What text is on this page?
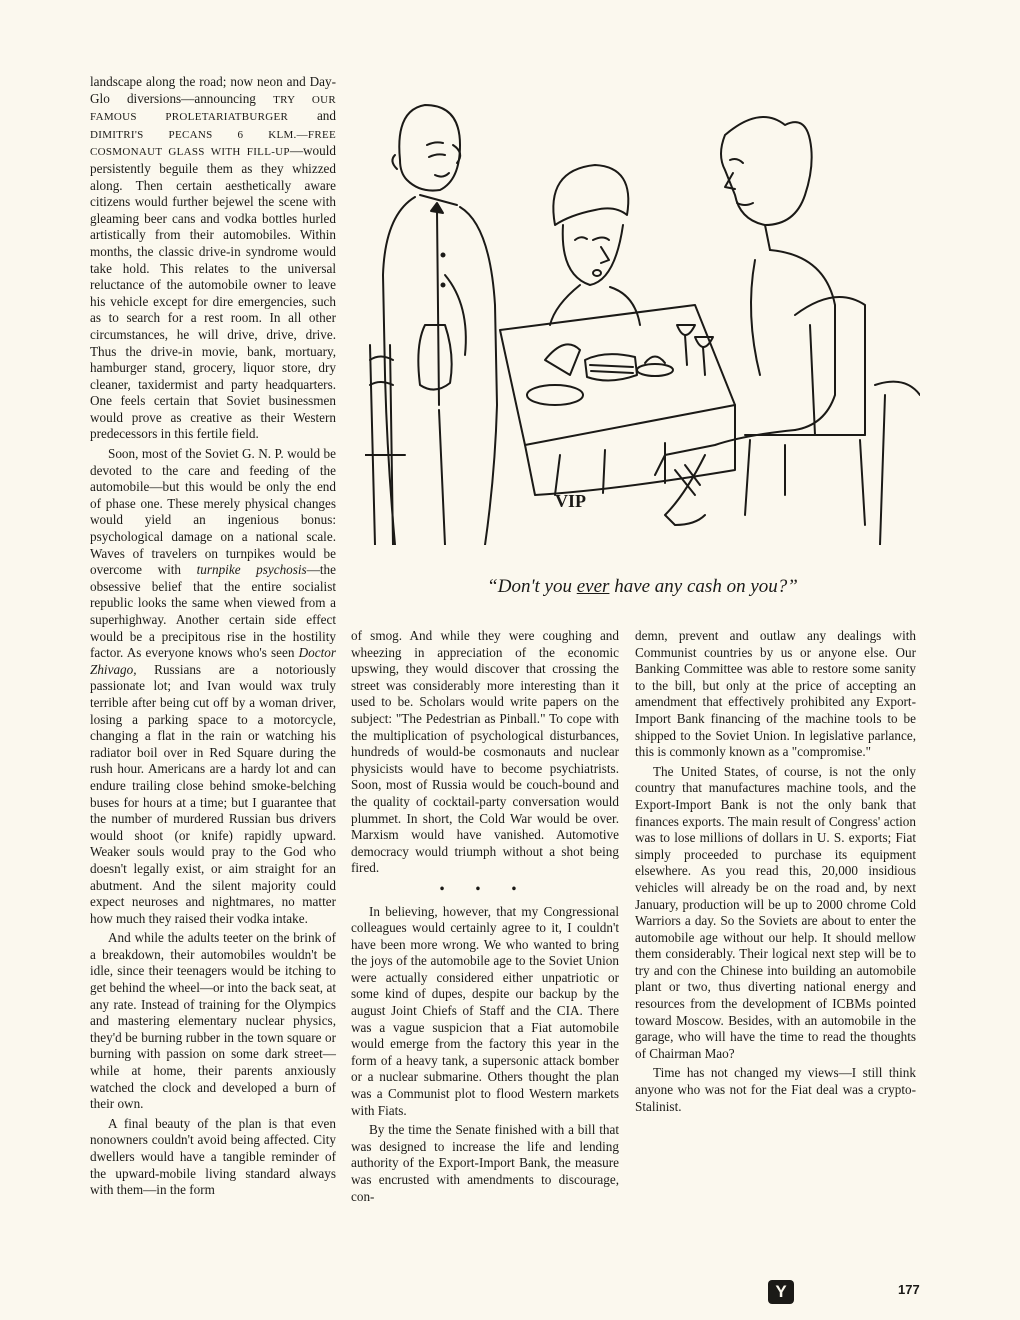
landscape along the road; now neon and Day-Glo diversions—announcing TRY OUR FAMOUS PROLETARIATBURGER and DIMITRI'S PECANS 6 KLM.—FREE COSMONAUT GLASS WITH FILL-UP—would persistently beguile them as they whizzed along. Then certain aesthetically aware citizens would further bejewel the scene with gleaming beer cans and vodka bottles hurled artistically from their automobiles. Within months, the classic drive-in syndrome would take hold. This relates to the universal reluctance of the automobile owner to leave his vehicle except for dire emergencies, such as to search for a rest room. In all other circumstances, he will drive, drive, drive. Thus the drive-in movie, bank, mortuary, hamburger stand, grocery, liquor store, dry cleaner, taxidermist and party headquarters. One feels certain that Soviet businessmen would prove as creative as their Western predecessors in this fertile field.

Soon, most of the Soviet G. N. P. would be devoted to the care and feeding of the automobile—but this would be only the end of phase one. These merely physical changes would yield an ingenious bonus: psychological damage on a national scale. Waves of travelers on turnpikes would be overcome with turnpike psychosis—the obsessive belief that the entire socialist republic looks the same when viewed from a superhighway. Another certain side effect would be a precipitous rise in the hostility factor. As everyone knows who's seen Doctor Zhivago, Russians are a notoriously passionate lot; and Ivan would wax truly terrible after being cut off by a woman driver, losing a parking space to a motorcycle, changing a flat in the rain or watching his radiator boil over in Red Square during the rush hour. Americans are a hardy lot and can endure trailing close behind smoke-belching buses for hours at a time; but I guarantee that the number of murdered Russian bus drivers would shoot (or knife) rapidly upward. Weaker souls would pray to the God who doesn't legally exist, or aim straight for an abutment. And the silent majority could expect neuroses and nightmares, no matter how much they raised their vodka intake.

And while the adults teeter on the brink of a breakdown, their automobiles wouldn't be idle, since their teenagers would be itching to get behind the wheel—or into the back seat, at any rate. Instead of training for the Olympics and mastering elementary nuclear physics, they'd be burning rubber in the town square or burning with passion on some dark street—while at home, their parents anxiously watched the clock and developed a burn of their own.

A final beauty of the plan is that even nonowners couldn't avoid being affected. City dwellers would have a tangible reminder of the upward-mobile living standard always with them—in the form

VIP
“Don't you ever have any cash on you?”

of smog. And while they were coughing and wheezing in appreciation of the economic upswing, they would discover that crossing the street was considerably more interesting than it used to be. Scholars would write papers on the subject: "The Pedestrian as Pinball." To cope with the multiplication of psychological disturbances, hundreds of would-be cosmonauts and nuclear physicists would have to become psychiatrists. Soon, most of Russia would be couch-bound and the quality of cocktail-party conversation would plummet. In short, the Cold War would be over. Marxism would have vanished. Automotive democracy would triumph without a shot being fired.

• • •

In believing, however, that my Congressional colleagues would certainly agree to it, I couldn't have been more wrong. We who wanted to bring the joys of the automobile age to the Soviet Union were actually considered either unpatriotic or some kind of dupes, despite our backup by the august Joint Chiefs of Staff and the CIA. There was a vague suspicion that a Fiat automobile would emerge from the factory this year in the form of a heavy tank, a supersonic attack bomber or a nuclear submarine. Others thought the plan was a Communist plot to flood Western markets with Fiats.

By the time the Senate finished with a bill that was designed to increase the life and lending authority of the Export-Import Bank, the measure was encrusted with amendments to discourage, con-

demn, prevent and outlaw any dealings with Communist countries by us or anyone else. Our Banking Committee was able to restore some sanity to the bill, but only at the price of accepting an amendment that effectively prohibited any Export-Import Bank financing of the machine tools to be shipped to the Soviet Union. In legislative parlance, this is commonly known as a "compromise."

The United States, of course, is not the only country that manufactures machine tools, and the Export-Import Bank is not the only bank that finances exports. The main result of Congress' action was to lose millions of dollars in U. S. exports; Fiat simply proceeded to purchase its equipment elsewhere. As you read this, 20,000 insidious vehicles will already be on the road and, by next January, production will be up to 2000 chrome Cold Warriors a day. So the Soviets are about to enter the automobile age without our help. It should mellow them considerably. Their logical next step will be to try and con the Chinese into building an automobile plant or two, thus diverting national energy and resources from the development of ICBMs pointed toward Moscow. Besides, with an automobile in the garage, who will have the time to read the thoughts of Chairman Mao?

Time has not changed my views—I still think anyone who was not for the Fiat deal was a crypto-Stalinist.

Y	177
